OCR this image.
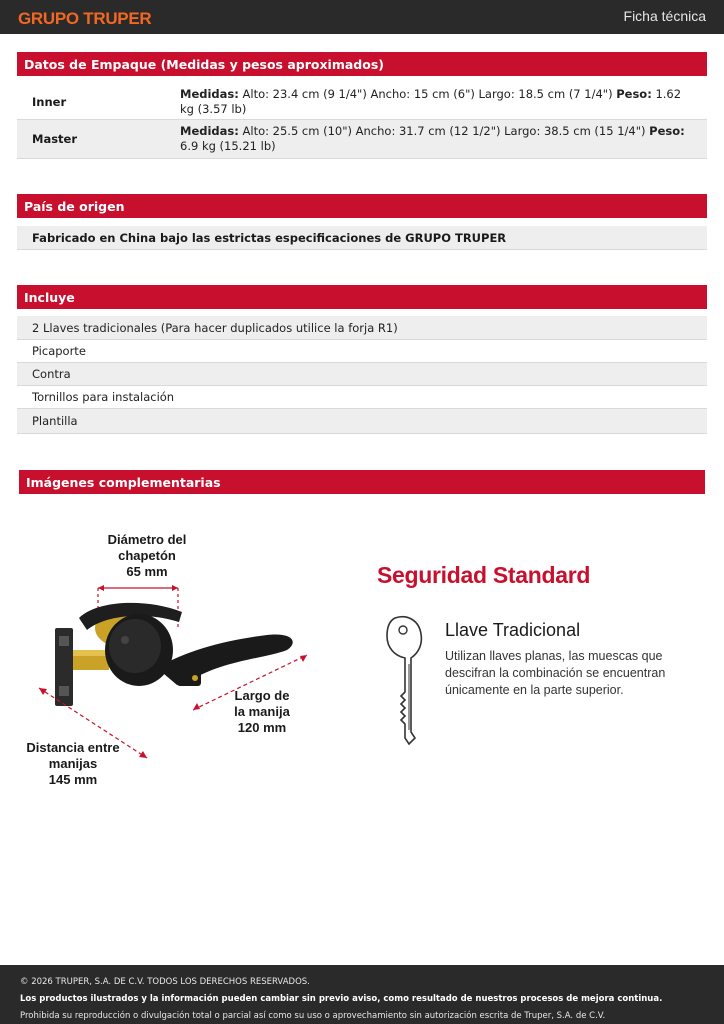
GRUPO TRUPER	Ficha técnica
Datos de Empaque (Medidas y pesos aproximados)
Inner
Medidas: Alto: 23.4 cm (9 1/4") Ancho: 15 cm (6") Largo: 18.5 cm (7 1/4") Peso: 1.62 kg (3.57 lb)
Master
Medidas: Alto: 25.5 cm (10") Ancho: 31.7 cm (12 1/2") Largo: 38.5 cm (15 1/4") Peso: 6.9 kg (15.21 lb)
País de origen
Fabricado en China bajo las estrictas especificaciones de GRUPO TRUPER
Incluye
2 Llaves tradicionales (Para hacer duplicados utilice la forja R1)
Picaporte
Contra
Tornillos para instalación
Plantilla
Imágenes complementarias
Diámetro del
chapetón
65 mm
Largo de
la manija
120 mm
Distancia entre
manijas
145 mm
Seguridad Standard
Llave Tradicional
Utilizan llaves planas, las muescas que
descifran la combinación se encuentran
únicamente en la parte superior.
© 2026 TRUPER, S.A. DE C.V. TODOS LOS DERECHOS RESERVADOS.
Los productos ilustrados y la información pueden cambiar sin previo aviso, como resultado de nuestros procesos de mejora continua.
Prohibida su reproducción o divulgación total o parcial así como su uso o aprovechamiento sin autorización escrita de Truper, S.A. de C.V.
